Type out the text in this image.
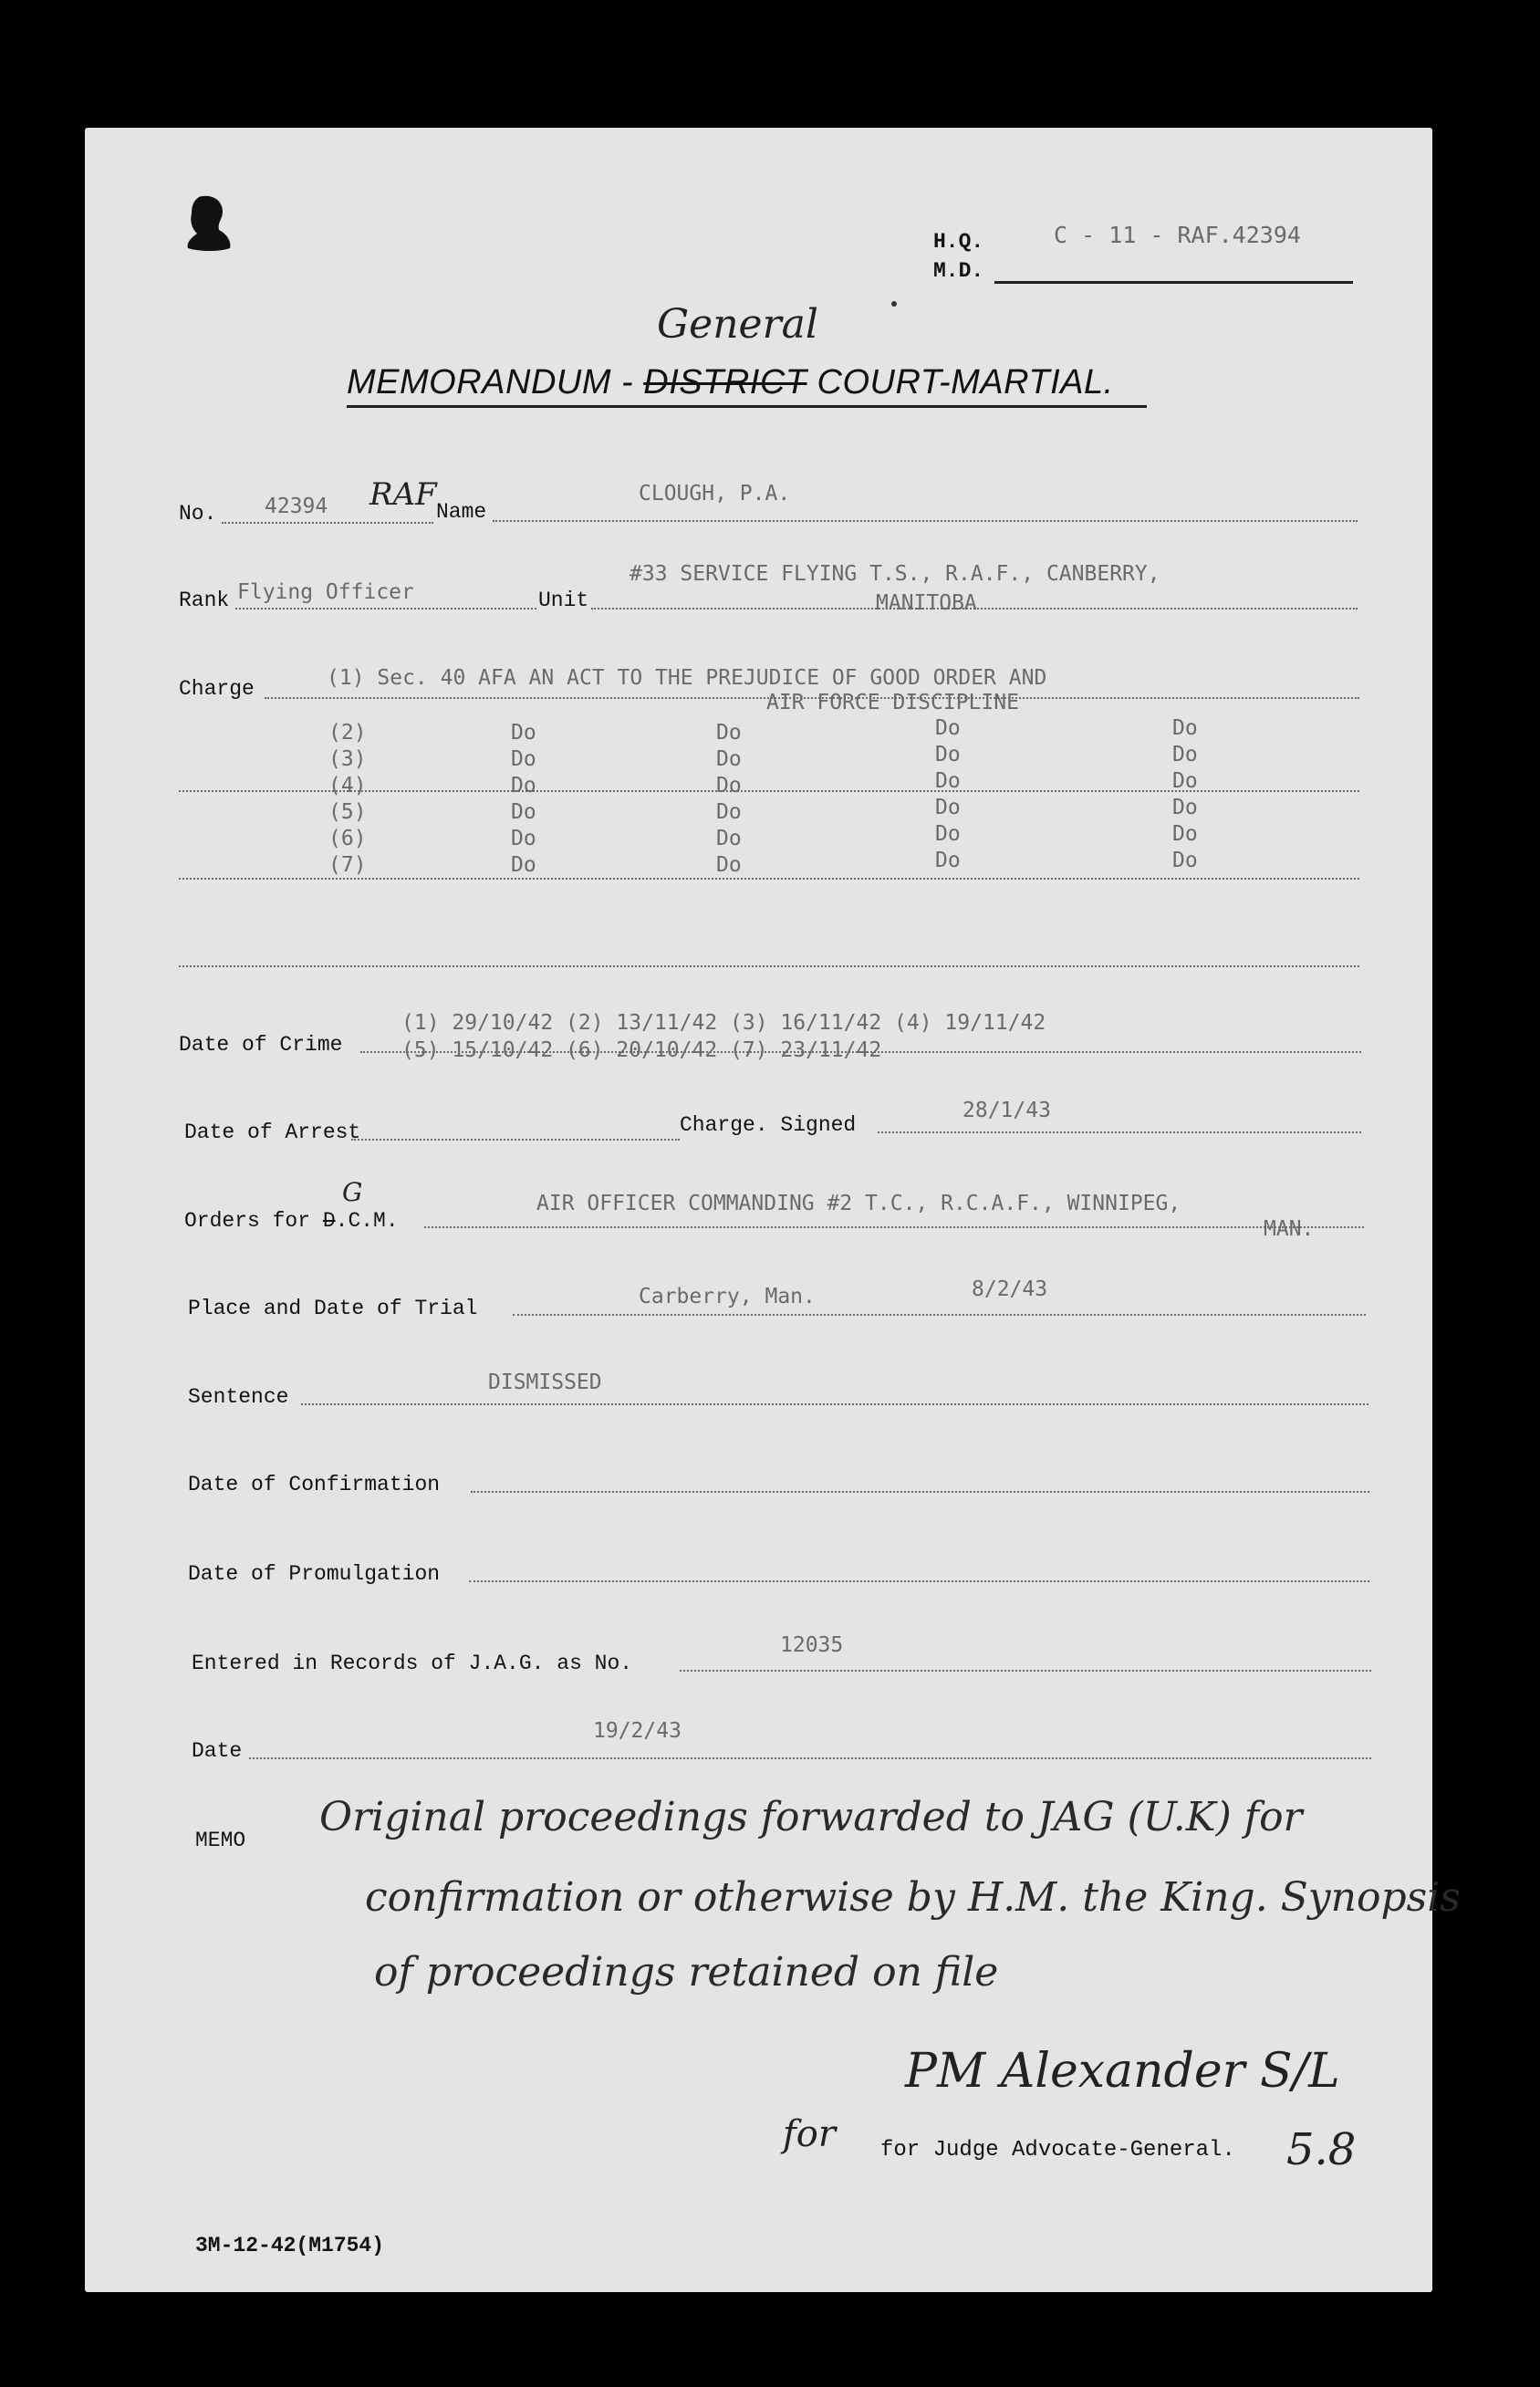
H.Q.
M.D.
C - 11 - RAF.42394
General
MEMORANDUM - DISTRICT COURT-MARTIAL.
No. 42394 RAF Name
CLOUGH, P.A.
Rank Flying Officer	Unit
#33 SERVICE FLYING T.S., R.A.F., CANBERRY,
MANITOBA
Charge	(1) Sec. 40 AFA AN ACT TO THE PREJUDICE OF GOOD ORDER AND
AIR FORCE DISCIPLINE
(2)	Do	Do	Do	Do
(3)	Do	Do	Do	Do
(4)	Do	Do	Do	Do
(5)	Do	Do	Do	Do
(6)	Do	Do	Do	Do
(7)	Do	Do	Do	Do
Date of Crime
(1) 29/10/42 (2) 13/11/42 (3) 16/11/42 (4) 19/11/42
(5) 15/10/42 (6) 20/10/42 (7) 23/11/42
Date of Arrest	Charge. Signed
28/1/43
Orders for D.C.M.
G	AIR OFFICER COMMANDING #2 T.C., R.C.A.F., WINNIPEG,
MAN.
Place and Date of Trial	Carberry, Man.	8/2/43
Sentence
DISMISSED
Date of Confirmation
Date of Promulgation
Entered in Records of J.A.G. as No.
12035
Date
19/2/43
MEMO Original proceedings forwarded to JAG (U.K) for
confirmation or otherwise by H.M. the King. Synopsis
of proceedings retained on file
PM Alexander S/L
for for Judge Advocate-General. 5.8
3M-12-42(M1754)
